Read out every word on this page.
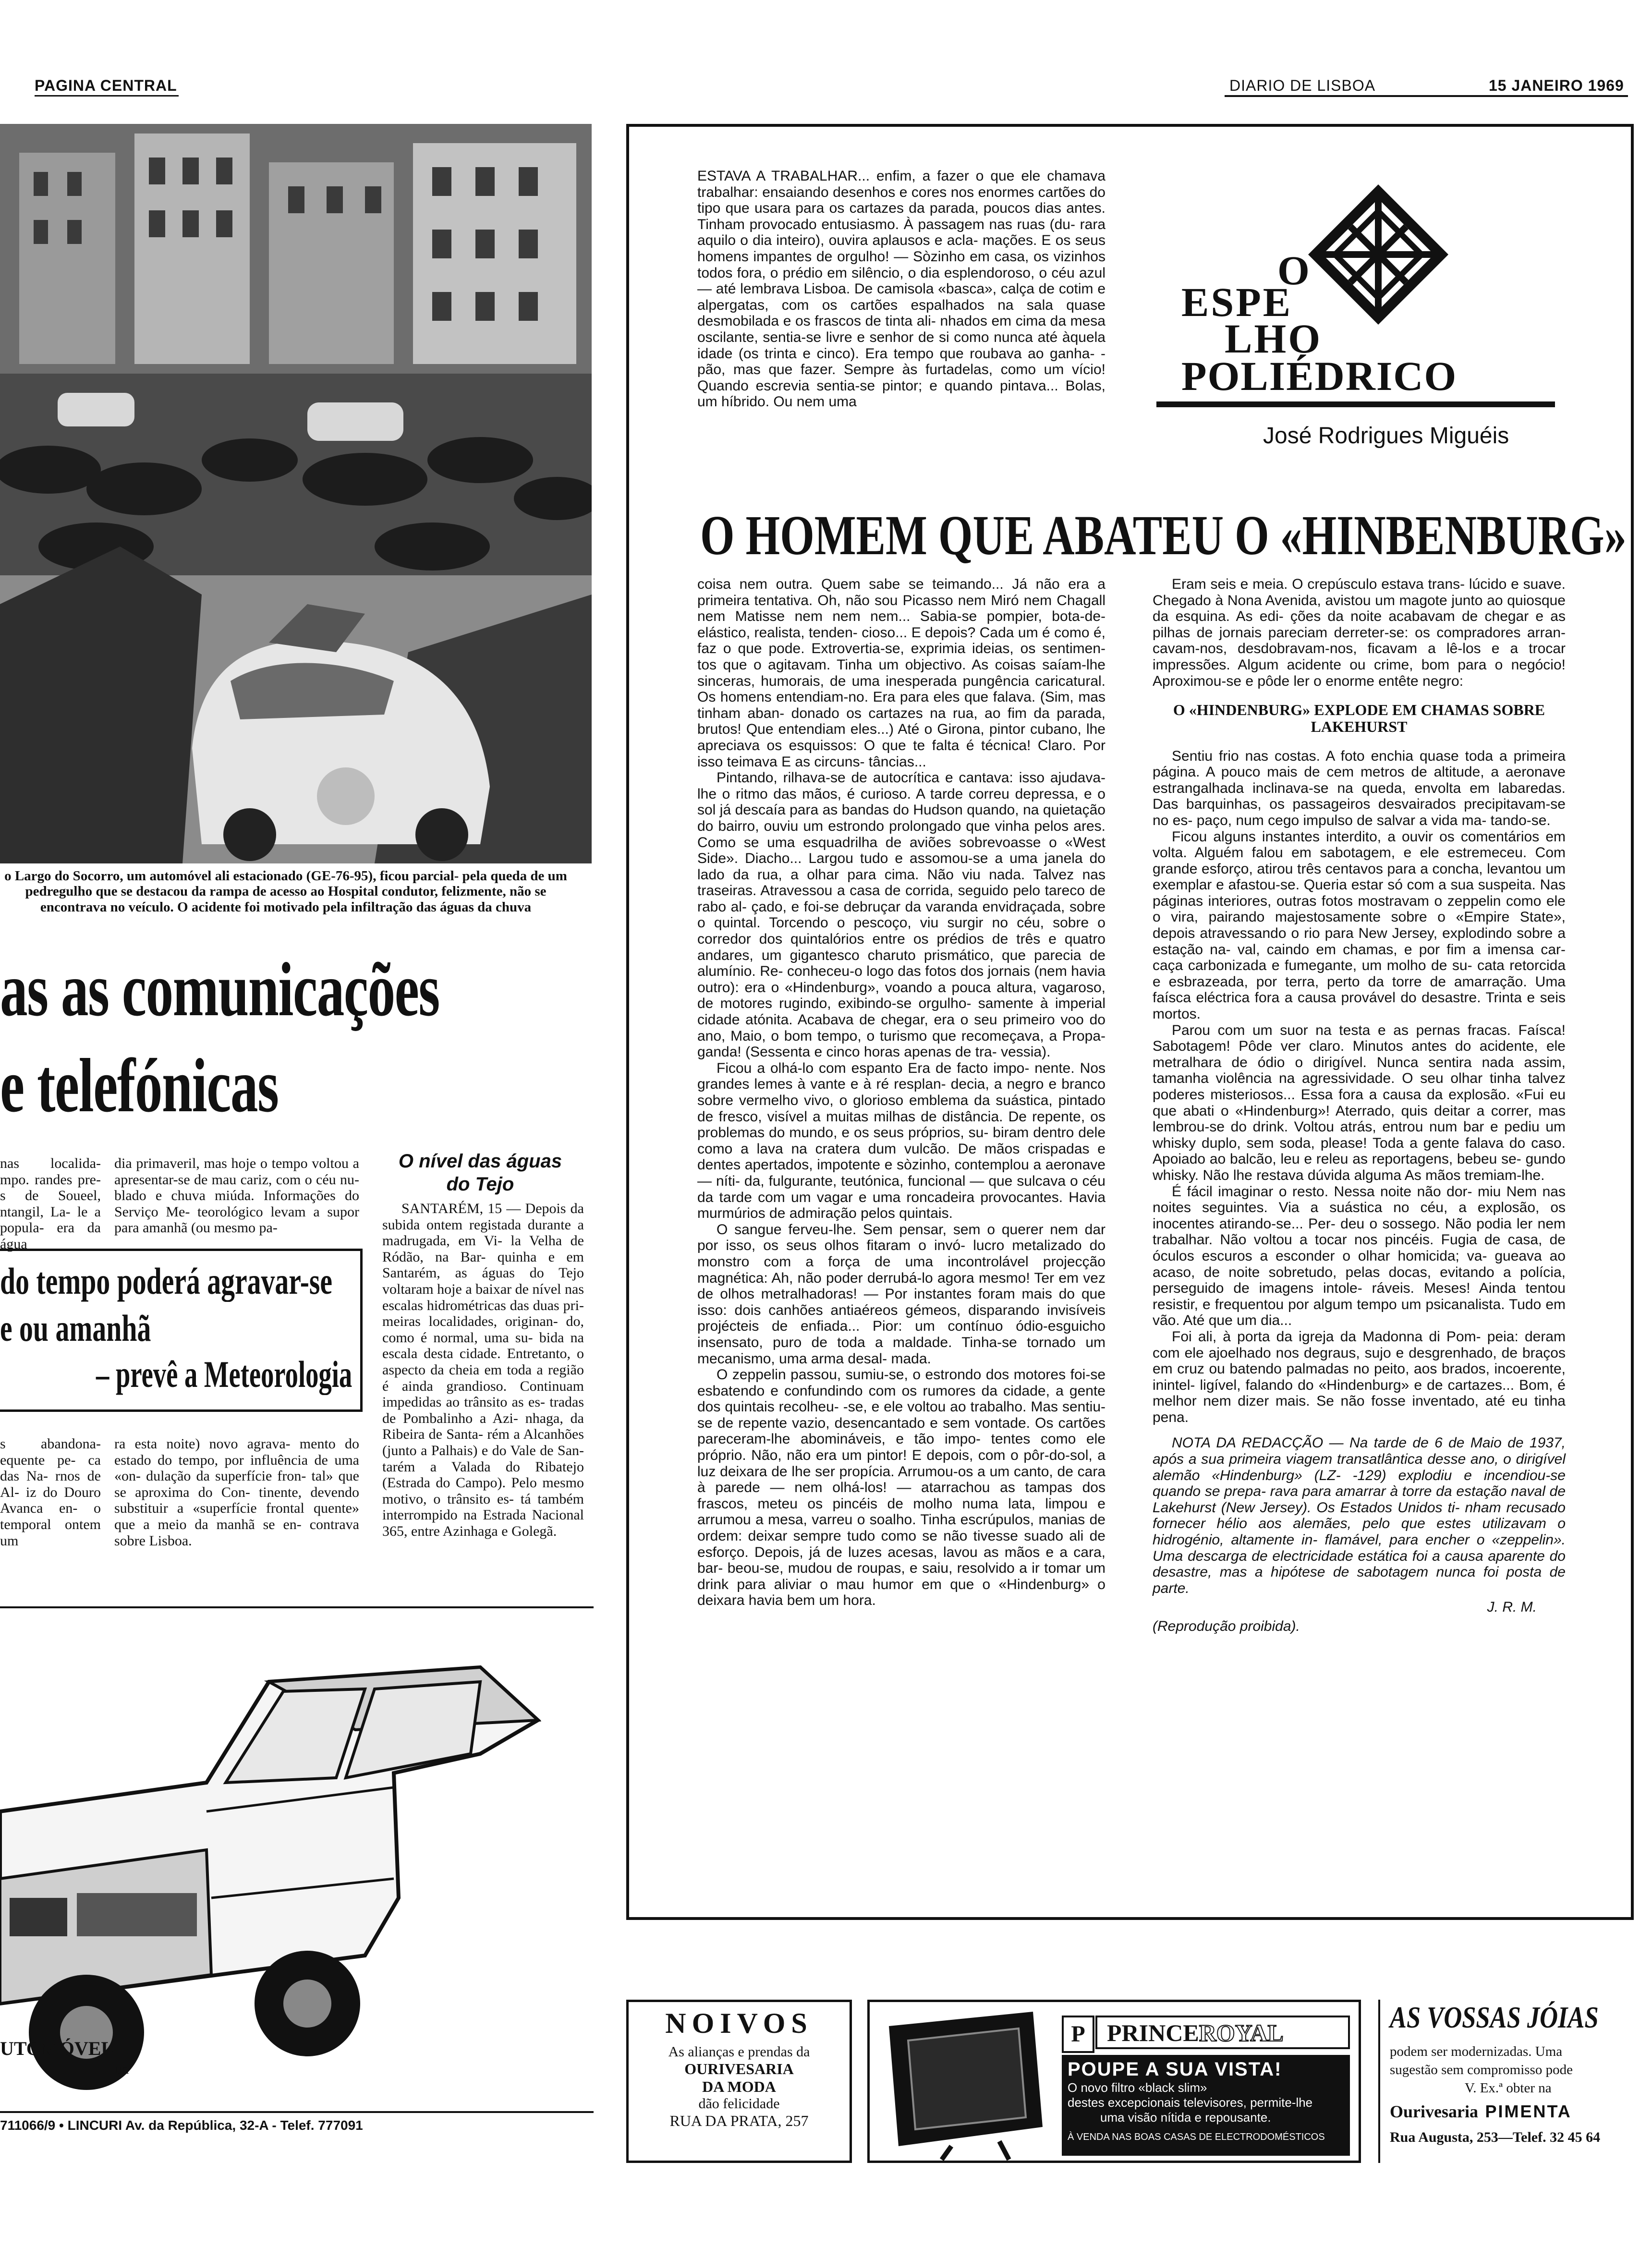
PAGINA CENTRAL	DIARIO DE LISBOA	15 JANEIRO 1969
o Largo do Socorro, um automóvel ali estacionado (GE-76-95), ficou parcial- pela queda de um pedregulho que se destacou da rampa de acesso ao Hospital condutor, felizmente, não se encontrava no veículo. O acidente foi motivado pela infiltração das águas da chuva
as as comunicações
e telefónicas
nas localida- mpo. randes pre- s de Soueel, ntangil, La- le a popula- era da água
dia primaveril, mas hoje o tempo voltou a apresentar-se de mau cariz, com o céu nu- blado e chuva miúda. Informações do Serviço Me- teorológico levam a supor para amanhã (ou mesmo pa-
do tempo poderá agravar-se
e ou amanhã
– prevê a Meteorologia
s abandona- equente pe- ca das Na- rnos de Al- iz do Douro Avanca en- o temporal ontem um
ra esta noite) novo agrava- mento do estado do tempo, por influência de uma «on- dulação da superfície fron- tal» que se aproxima do Con- tinente, devendo substituir a «superfície frontal quente» que a meio da manhã se en- contrava sobre Lisboa.
O nível das águas
do Tejo
SANTARÉM, 15 — Depois da subida ontem registada durante a madrugada, em Vi- la Velha de Ródão, na Bar- quinha e em Santarém, as águas do Tejo voltaram hoje a baixar de nível nas escalas hidrométricas das duas pri- meiras localidades, originan- do, como é normal, uma su- bida na escala desta cidade. Entretanto, o aspecto da cheia em toda a região é ainda grandioso. Continuam impedidas ao trânsito as es- tradas de Pombalinho a Azi- nhaga, da Ribeira de Santa- rém a Alcanhões (junto a Palhais) e do Vale de San- tarém a Valada do Ribatejo (Estrada do Campo). Pelo mesmo motivo, o trânsito es- tá também interrompido na Estrada Nacional 365, entre Azinhaga e Golegã.
UTOMÓVEL
ua
711066/9 • LINCURI Av. da República, 32-A - Telef. 777091
ESTAVA A TRABALHAR... enfim, a fazer o que ele chamava trabalhar: ensaiando desenhos e cores nos enormes cartões do tipo que usara para os cartazes da parada, poucos dias antes. Tinham provocado entusiasmo. À passagem nas ruas (du- rara aquilo o dia inteiro), ouvira aplausos e acla- mações. E os seus homens impantes de orgulho! — Sòzinho em casa, os vizinhos todos fora, o prédio em silêncio, o dia esplendoroso, o céu azul — até lembrava Lisboa. De camisola «basca», calça de cotim e alpergatas, com os cartões espalhados na sala quase desmobilada e os frascos de tinta ali- nhados em cima da mesa oscilante, sentia-se livre e senhor de si como nunca até àquela idade (os trinta e cinco). Era tempo que roubava ao ganha- -pão, mas que fazer. Sempre às furtadelas, como um vício! Quando escrevia sentia-se pintor; e quando pintava... Bolas, um híbrido. Ou nem uma
O
ESPE
LHO
POLIÉDRICO
José Rodrigues Miguéis
O HOMEM QUE ABATEU O «HINBENBURG»

coisa nem outra. Quem sabe se teimando... Já não era a primeira tentativa. Oh, não sou Picasso nem Miró nem Chagall nem Matisse nem nem nem... Sabia-se pompier, bota-de-elástico, realista, tenden- cioso... E depois? Cada um é como é, faz o que pode. Extrovertia-se, exprimia ideias, os sentimen- tos que o agitavam. Tinha um objectivo. As coisas saíam-lhe sinceras, humorais, de uma inesperada pungência caricatural. Os homens entendiam-no. Era para eles que falava. (Sim, mas tinham aban- donado os cartazes na rua, ao fim da parada, brutos! Que entendiam eles...) Até o Girona, pintor cubano, lhe apreciava os esquissos: O que te falta é técnica! Claro. Por isso teimava E as circuns- tâncias...

Pintando, rilhava-se de autocrítica e cantava: isso ajudava-lhe o ritmo das mãos, é curioso. A tarde correu depressa, e o sol já descaía para as bandas do Hudson quando, na quietação do bairro, ouviu um estrondo prolongado que vinha pelos ares. Como se uma esquadrilha de aviões sobrevoasse o «West Side». Diacho... Largou tudo e assomou-se a uma janela do lado da rua, a olhar para cima. Não viu nada. Talvez nas traseiras. Atravessou a casa de corrida, seguido pelo tareco de rabo al- çado, e foi-se debruçar da varanda envidraçada, sobre o quintal. Torcendo o pescoço, viu surgir no céu, sobre o corredor dos quintalórios entre os prédios de três e quatro andares, um gigantesco charuto prismático, que parecia de alumínio. Re- conheceu-o logo das fotos dos jornais (nem havia outro): era o «Hindenburg», voando a pouca altura, vagaroso, de motores rugindo, exibindo-se orgulho- samente à imperial cidade atónita. Acabava de chegar, era o seu primeiro voo do ano, Maio, o bom tempo, o turismo que recomeçava, a Propa- ganda! (Sessenta e cinco horas apenas de tra- vessia).

Ficou a olhá-lo com espanto Era de facto impo- nente. Nos grandes lemes à vante e à ré resplan- decia, a negro e branco sobre vermelho vivo, o glorioso emblema da suástica, pintado de fresco, visível a muitas milhas de distância. De repente, os problemas do mundo, e os seus próprios, su- biram dentro dele como a lava na cratera dum vulcão. De mãos crispadas e dentes apertados, impotente e sòzinho, contemplou a aeronave — níti- da, fulgurante, teutónica, funcional — que sulcava o céu da tarde com um vagar e uma roncadeira provocantes. Havia murmúrios de admiração pelos quintais.

O sangue ferveu-lhe. Sem pensar, sem o querer nem dar por isso, os seus olhos fitaram o invó- lucro metalizado do monstro com a força de uma incontrolável projecção magnética: Ah, não poder derrubá-lo agora mesmo! Ter em vez de olhos metralhadoras! — Por instantes foram mais do que isso: dois canhões antiaéreos gémeos, disparando invisíveis projécteis de enfiada... Pior: um contínuo ódio-esguicho insensato, puro de toda a maldade. Tinha-se tornado um mecanismo, uma arma desal- mada.

O zeppelin passou, sumiu-se, o estrondo dos motores foi-se esbatendo e confundindo com os rumores da cidade, a gente dos quintais recolheu- -se, e ele voltou ao trabalho. Mas sentiu-se de repente vazio, desencantado e sem vontade. Os cartões pareceram-lhe abomináveis, e tão impo- tentes como ele próprio. Não, não era um pintor! E depois, com o pôr-do-sol, a luz deixara de lhe ser propícia. Arrumou-os a um canto, de cara à parede — nem olhá-los! — atarrachou as tampas dos frascos, meteu os pincéis de molho numa lata, limpou e arrumou a mesa, varreu o soalho. Tinha escrúpulos, manias de ordem: deixar sempre tudo como se não tivesse suado ali de esforço. Depois, já de luzes acesas, lavou as mãos e a cara, bar- beou-se, mudou de roupas, e saiu, resolvido a ir tomar um drink para aliviar o mau humor em que o «Hindenburg» o deixara havia bem um hora.

Eram seis e meia. O crepúsculo estava trans- lúcido e suave. Chegado à Nona Avenida, avistou um magote junto ao quiosque da esquina. As edi- ções da noite acabavam de chegar e as pilhas de jornais pareciam derreter-se: os compradores arran- cavam-nos, desdobravam-nos, ficavam a lê-los e a trocar impressões. Algum acidente ou crime, bom para o negócio! Aproximou-se e pôde ler o enorme entête negro:

O «HINDENBURG» EXPLODE EM CHAMAS SOBRE LAKEHURST

Sentiu frio nas costas. A foto enchia quase toda a primeira página. A pouco mais de cem metros de altitude, a aeronave estrangalhada inclinava-se na queda, envolta em labaredas. Das barquinhas, os passageiros desvairados precipitavam-se no es- paço, num cego impulso de salvar a vida ma- tando-se.

Ficou alguns instantes interdito, a ouvir os comentários em volta. Alguém falou em sabotagem, e ele estremeceu. Com grande esforço, atirou três centavos para a concha, levantou um exemplar e afastou-se. Queria estar só com a sua suspeita. Nas páginas interiores, outras fotos mostravam o zeppelin como ele o vira, pairando majestosamente sobre o «Empire State», depois atravessando o rio para New Jersey, explodindo sobre a estação na- val, caindo em chamas, e por fim a imensa car- caça carbonizada e fumegante, um molho de su- cata retorcida e esbrazeada, por terra, perto da torre de amarração. Uma faísca eléctrica fora a causa provável do desastre. Trinta e seis mortos.

Parou com um suor na testa e as pernas fracas. Faísca! Sabotagem! Pôde ver claro. Minutos antes do acidente, ele metralhara de ódio o dirigível. Nunca sentira nada assim, tamanha violência na agressividade. O seu olhar tinha talvez poderes misteriosos... Essa fora a causa da explosão. «Fui eu que abati o «Hindenburg»! Aterrado, quis deitar a correr, mas lembrou-se do drink. Voltou atrás, entrou num bar e pediu um whisky duplo, sem soda, please! Toda a gente falava do caso. Apoiado ao balcão, leu e releu as reportagens, bebeu se- gundo whisky. Não lhe restava dúvida alguma As mãos tremiam-lhe.

É fácil imaginar o resto. Nessa noite não dor- miu Nem nas noites seguintes. Via a suástica no céu, a explosão, os inocentes atirando-se... Per- deu o sossego. Não podia ler nem trabalhar. Não voltou a tocar nos pincéis. Fugia de casa, de óculos escuros a esconder o olhar homicida; va- gueava ao acaso, de noite sobretudo, pelas docas, evitando a polícia, perseguido de imagens intole- ráveis. Meses! Ainda tentou resistir, e frequentou por algum tempo um psicanalista. Tudo em vão. Até que um dia...

Foi ali, à porta da igreja da Madonna di Pom- peia: deram com ele ajoelhado nos degraus, sujo e desgrenhado, de braços em cruz ou batendo palmadas no peito, aos brados, incoerente, inintel- ligível, falando do «Hindenburg» e de cartazes... Bom, é melhor nem dizer mais. Se não fosse inventado, até eu tinha pena.

NOTA DA REDACÇÃO — Na tarde de 6 de Maio de 1937, após a sua primeira viagem transatlântica desse ano, o dirigível alemão «Hindenburg» (LZ- -129) explodiu e incendiou-se quando se prepa- rava para amarrar à torre da estação naval de Lakehurst (New Jersey). Os Estados Unidos ti- nham recusado fornecer hélio aos alemães, pelo que estes utilizavam o hidrogénio, altamente in- flamável, para encher o «zeppelin». Uma descarga de electricidade estática foi a causa aparente do desastre, mas a hipótese de sabotagem nunca foi posta de parte.

J. R. M.
(Reprodução proibida).
NOIVOS
As alianças e prendas da
OURIVESARIA
DA MODA
dão felicidade
RUA DA PRATA, 257
P PRINCEROYAL
POUPE A SUA VISTA!
O novo filtro «black slim»
destes excepcionais televisores, permite-lhe
uma visão nítida e repousante.
À VENDA NAS BOAS CASAS DE ELECTRODOMÉSTICOS
AS VOSSAS JÓIAS
podem ser modernizadas. Uma
sugestão sem compromisso pode
V. Ex.ª obter na
Ourivesaria PIMENTA
Rua Augusta, 253—Telef. 32 45 64
